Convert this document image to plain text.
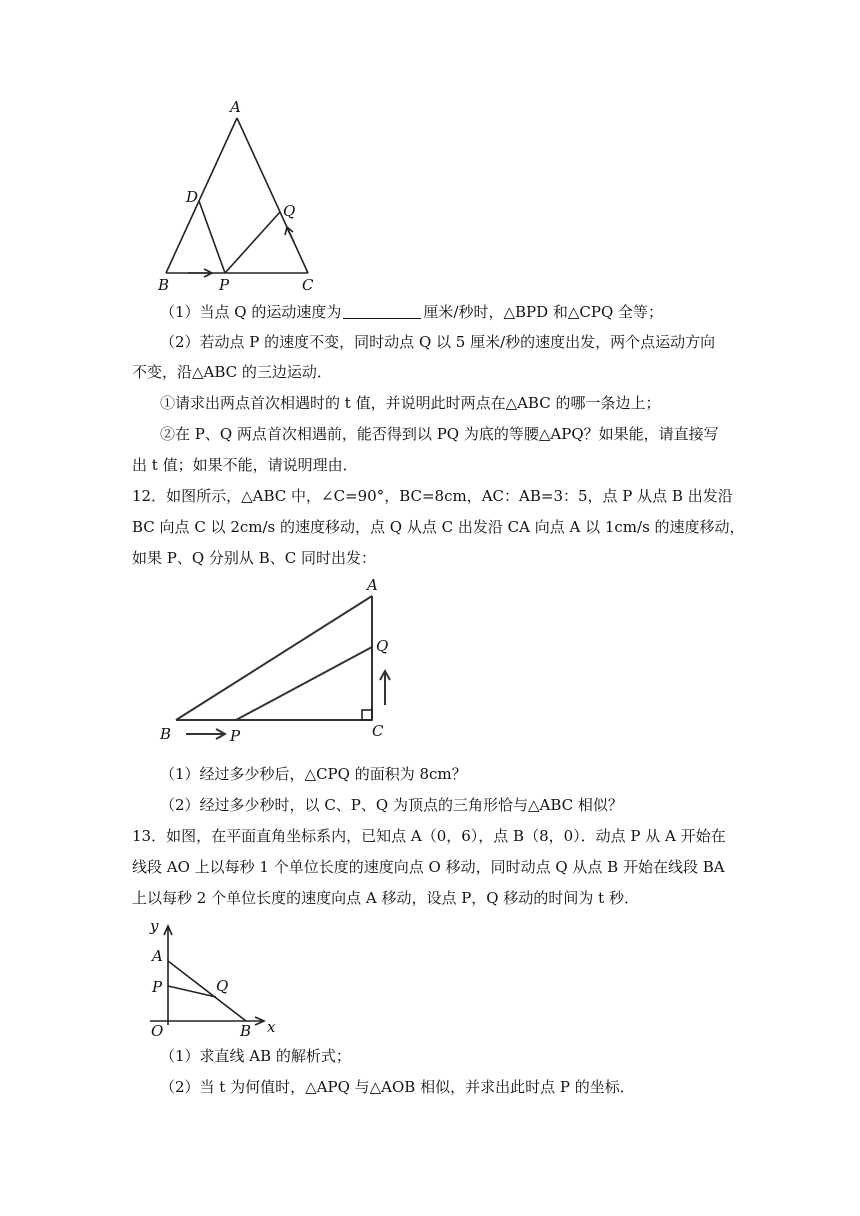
A
D
Q
B	P	C
（1）当点 Q 的运动速度为	厘米/秒时，△BPD 和△CPQ 全等；
（2）若动点 P 的速度不变，同时动点 Q 以 5 厘米/秒的速度出发，两个点运动方向
不变，沿△ABC 的三边运动．
①请求出两点首次相遇时的 t 值，并说明此时两点在△ABC 的哪一条边上；
②在 P、Q 两点首次相遇前，能否得到以 PQ 为底的等腰△APQ？如果能，请直接写
出 t 值；如果不能，请说明理由．
12．如图所示，△ABC 中，∠C=90°，BC=8cm，AC：AB=3：5，点 P 从点 B 出发沿
BC 向点 C 以 2cm/s 的速度移动，点 Q 从点 C 出发沿 CA 向点 A 以 1cm/s 的速度移动，
如果 P、Q 分别从 B、C 同时出发：
A
Q
B	P	C
（1）经过多少秒后，△CPQ 的面积为 8cm？
（2）经过多少秒时，以 C、P、Q 为顶点的三角形恰与△ABC 相似？
13．如图，在平面直角坐标系内，已知点 A（0，6），点 B（8，0）．动点 P 从 A 开始在
线段 AO 上以每秒 1 个单位长度的速度向点 O 移动，同时动点 Q 从点 B 开始在线段 BA
上以每秒 2 个单位长度的速度向点 A 移动，设点 P，Q 移动的时间为 t 秒．
y
A
P	Q
O	B x
（1）求直线 AB 的解析式；
（2）当 t 为何值时，△APQ 与△AOB 相似，并求出此时点 P 的坐标．
